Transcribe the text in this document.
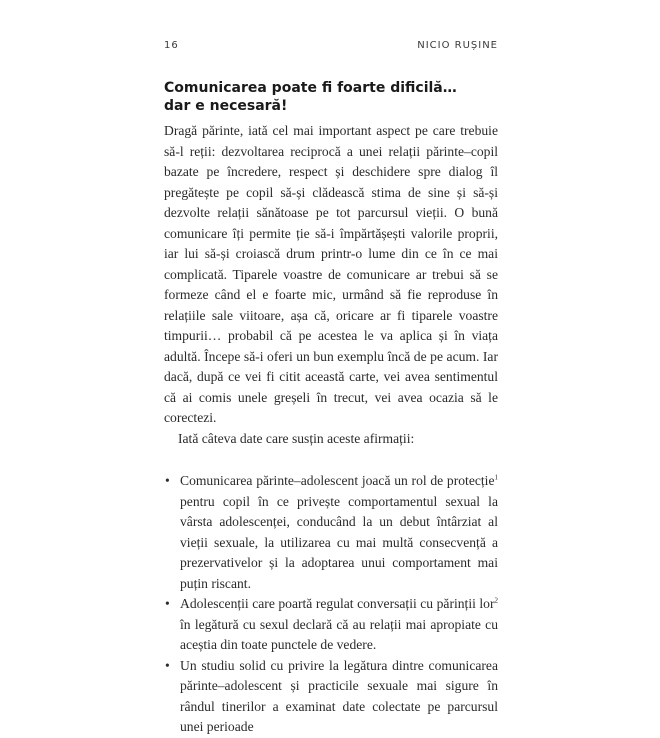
16	NICIO RUȘINE
Comunicarea poate fi foarte dificilă…
dar e necesară!

Dragă părinte, iată cel mai important aspect pe care trebuie să-l reții: dezvoltarea reciprocă a unei relații părinte–copil bazate pe încredere, respect și deschidere spre dialog îl pregătește pe copil să-și clădească stima de sine și să-și dezvolte relații sănătoase pe tot parcursul vieții. O bună comunicare îți permite ție să-i împărtășești valorile proprii, iar lui să-și croiască drum printr-o lume din ce în ce mai complicată. Tiparele voastre de comunicare ar trebui să se formeze când el e foarte mic, urmând să fie reproduse în relațiile sale viitoare, așa că, oricare ar fi tiparele voastre timpurii… probabil că pe acestea le va aplica și în viața adultă. Începe să-i oferi un bun exemplu încă de pe acum. Iar dacă, după ce vei fi citit această carte, vei avea sentimentul că ai comis unele greșeli în trecut, vei avea ocazia să le corectezi.

Iată câteva date care susțin aceste afirmații:

• Comunicarea părinte–adolescent joacă un rol de protecție$^1$ pentru copil în ce privește comportamentul sexual la vârsta adolescenței, conducând la un debut întârziat al vieții sexuale, la utilizarea cu mai multă consecvență a prezervativelor și la adoptarea unui comportament mai puțin riscant.
• Adolescenții care poartă regulat conversații cu părinții lor$^2$ în legătură cu sexul declară că au relații mai apropiate cu aceștia din toate punctele de vedere.
• Un studiu solid cu privire la legătura dintre comunicarea părinte–adolescent și practicile sexuale mai sigure în rândul tinerilor a examinat date colectate pe parcursul unei perioade
